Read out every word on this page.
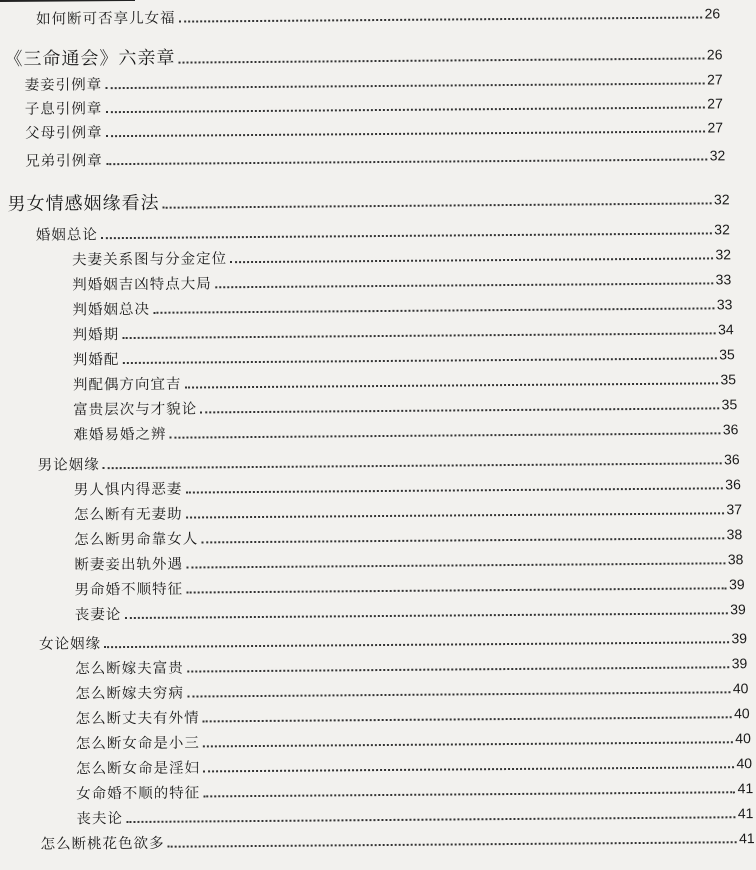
如何断可否享儿女福	26
《三命通会》六亲章	26
妻妾引例章	27
子息引例章	27
父母引例章	27
兄弟引例章	32
男女情感姻缘看法	32
婚姻总论	32
夫妻关系图与分金定位	32
判婚姻吉凶特点大局	33
判婚姻总决	33
判婚期	34
判婚配	35
判配偶方向宜吉	35
富贵层次与才貌论	35
难婚易婚之辨	36
男论姻缘	36
男人惧内得恶妻	36
怎么断有无妻助	37
怎么断男命靠女人	38
断妻妾出轨外遇	38
男命婚不顺特征	39
丧妻论	39
女论姻缘	39
怎么断嫁夫富贵	39
怎么断嫁夫穷病	40
怎么断丈夫有外情	40
怎么断女命是小三	40
怎么断女命是淫妇	40
女命婚不顺的特征	41
丧夫论	41
怎么断桃花色欲多	41
